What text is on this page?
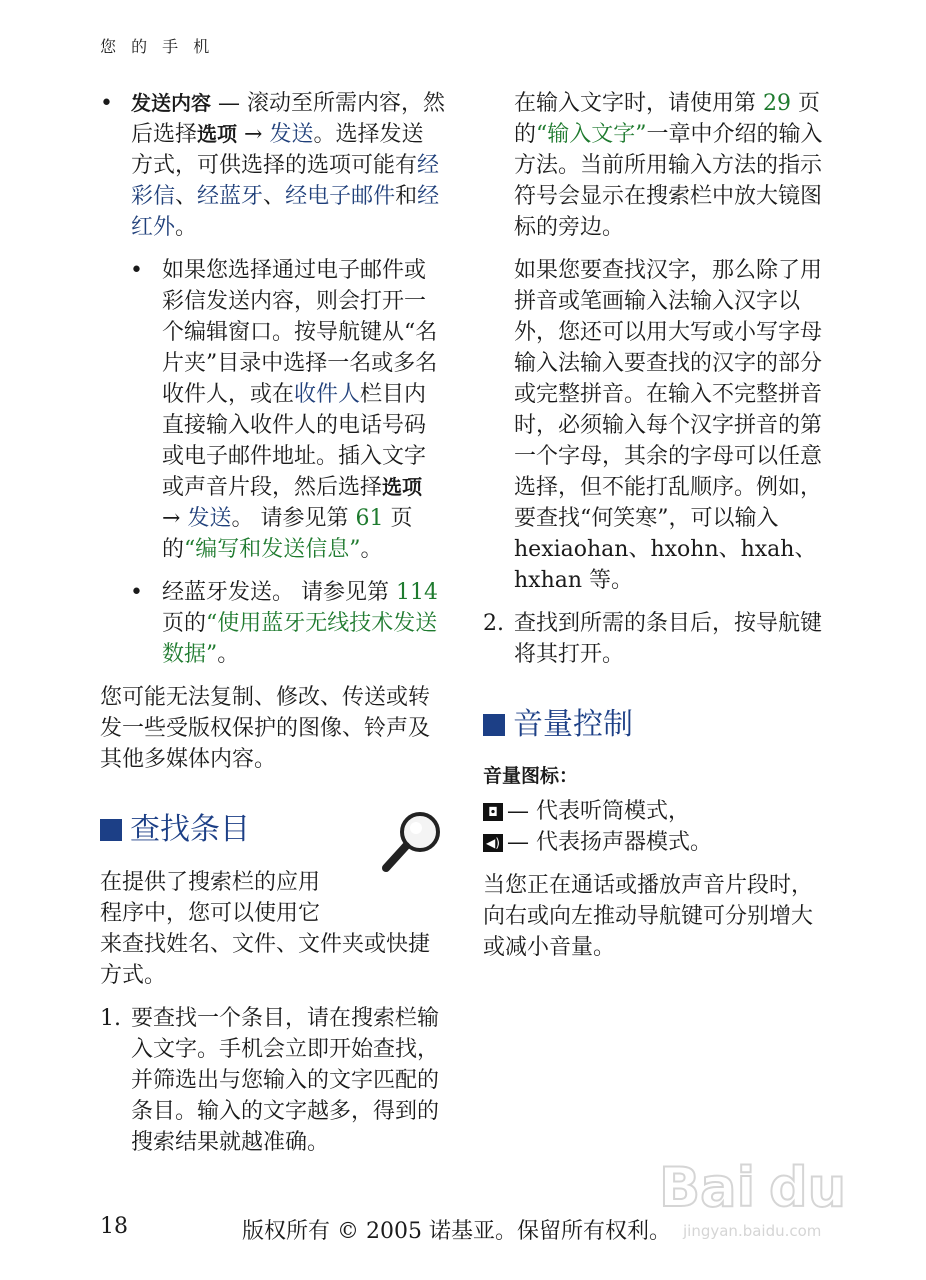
您 的 手 机
• 发送内容 — 滚动至所需内容，然后选择选项 → 发送。选择发送方式，可供选择的选项可能有经彩信、经蓝牙、经电子邮件和经红外。
• 如果您选择通过电子邮件或彩信发送内容，则会打开一个编辑窗口。按导航键从“名片夹”目录中选择一名或多名收件人，或在收件人栏目内直接输入收件人的电话号码或电子邮件地址。插入文字或声音片段，然后选择选项 → 发送。 请参见第 61 页的“编写和发送信息”。
• 经蓝牙发送。 请参见第 114 页的“使用蓝牙无线技术发送数据”。
您可能无法复制、修改、传送或转发一些受版权保护的图像、铃声及其他多媒体内容。
查找条目
在提供了搜索栏的应用
程序中，您可以使用它
来查找姓名、文件、文件夹或快捷方式。
1. 要查找一个条目，请在搜索栏输入文字。手机会立即开始查找，并筛选出与您输入的文字匹配的条目。输入的文字越多，得到的搜索结果就越准确。
在输入文字时，请使用第 29 页的“输入文字”一章中介绍的输入方法。当前所用输入方法的指示符号会显示在搜索栏中放大镜图标的旁边。
如果您要查找汉字，那么除了用拼音或笔画输入法输入汉字以外，您还可以用大写或小写字母输入法输入要查找的汉字的部分或完整拼音。在输入不完整拼音时，必须输入每个汉字拼音的第一个字母，其余的字母可以任意选择，但不能打乱顺序。例如，要查找“何笑寒”，可以输入 hexiaohan、hxohn、hxah、hxhan 等。
2. 查找到所需的条目后，按导航键将其打开。
音量控制
音量图标：
◘ — 代表听筒模式，
◀) — 代表扬声器模式。
当您正在通话或播放声音片段时，向右或向左推动导航键可分别增大或减小音量。
Bai du
jingyan.baidu.com
18	版权所有 © 2005 诺基亚。保留所有权利。
